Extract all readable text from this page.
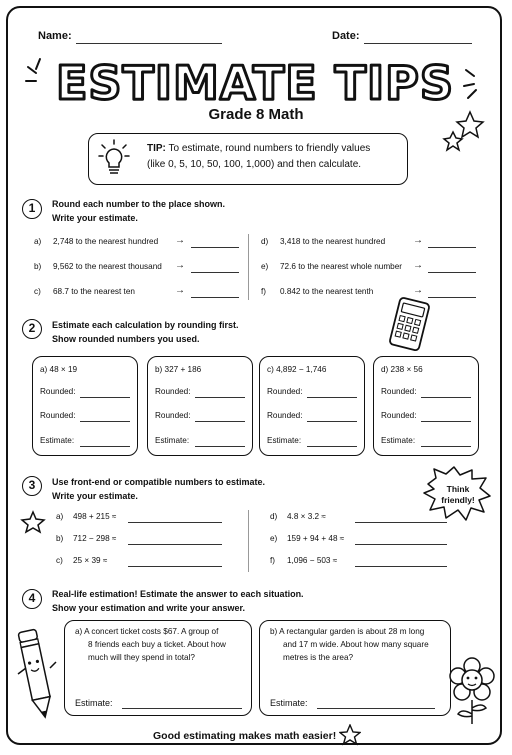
Name:	Date:
ESTIMATE TIPS
Grade 8 Math
TIP: To estimate, round numbers to friendly values
(like 0, 5, 10, 50, 100, 1,000) and then calculate.
1	Round each number to the place shown.
Write your estimate.
a) 2,748 to the nearest hundred →
b) 9,562 to the nearest thousand →
c) 68.7 to the nearest ten	→
d) 3,418 to the nearest hundred	→
e) 72.6 to the nearest whole number →
f) 0.842 to the nearest tenth	→
2	Estimate each calculation by rounding first.
Show rounded numbers you used.
a) 48 × 19
Rounded:
Rounded:
Estimate:
b) 327 + 186
Rounded:
Rounded:
Estimate:
c) 4,892 − 1,746
Rounded:
Rounded:
Estimate:
d) 238 × 56
Rounded:
Rounded:
Estimate:
3	Use front-end or compatible numbers to estimate.
Write your estimate.
Think friendly!
a) 498 + 215 ≈
b) 712 − 298 ≈
c) 25 × 39 ≈
d) 4.8 × 3.2 ≈
e) 159 + 94 + 48 ≈
f) 1,096 − 503 ≈
4	Real-life estimation! Estimate the answer to each situation.
Show your estimation and write your answer.
a) A concert ticket costs $67. A group of
8 friends each buy a ticket. About how
much will they spend in total?
Estimate:
b) A rectangular garden is about 28 m long
and 17 m wide. About how many square
metres is the area?
Estimate:
Good estimating makes math easier!
